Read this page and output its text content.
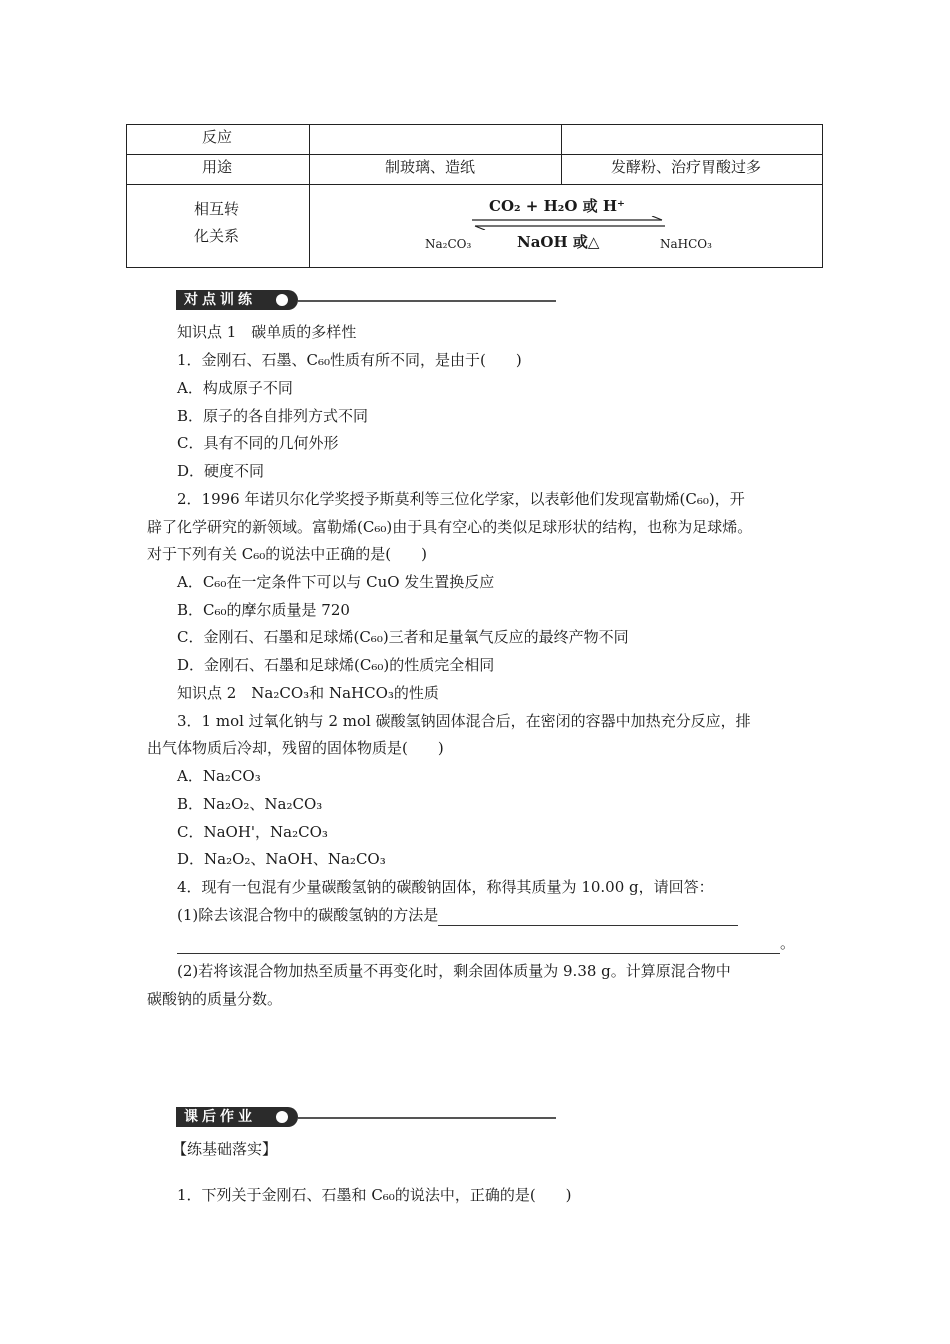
反应
用途	制玻璃、造纸	发酵粉、治疗胃酸过多
相互转
化关系
CO₂ + H₂O 或 H⁺
NaOH 或△
Na₂CO₃	NaHCO₃
对点训练
知识点 1　碳单质的多样性
1．金刚石、石墨、C₆₀性质有所不同，是由于(　　)
A．构成原子不同
B．原子的各自排列方式不同
C．具有不同的几何外形
D．硬度不同
2．1996 年诺贝尔化学奖授予斯莫利等三位化学家，以表彰他们发现富勒烯(C₆₀)，开
辟了化学研究的新领域。富勒烯(C₆₀)由于具有空心的类似足球形状的结构，也称为足球烯。
对于下列有关 C₆₀的说法中正确的是(　　)
A．C₆₀在一定条件下可以与 CuO 发生置换反应
B．C₆₀的摩尔质量是 720
C．金刚石、石墨和足球烯(C₆₀)三者和足量氧气反应的最终产物不同
D．金刚石、石墨和足球烯(C₆₀)的性质完全相同
知识点 2　Na₂CO₃和 NaHCO₃的性质
3．1 mol 过氧化钠与 2 mol 碳酸氢钠固体混合后，在密闭的容器中加热充分反应，排
出气体物质后冷却，残留的固体物质是(　　)
A．Na₂CO₃
B．Na₂O₂、Na₂CO₃
C．NaOH'，Na₂CO₃
D．Na₂O₂、NaOH、Na₂CO₃
4．现有一包混有少量碳酸氢钠的碳酸钠固体，称得其质量为 10.00 g，请回答：
(1)除去该混合物中的碳酸氢钠的方法是
。
(2)若将该混合物加热至质量不再变化时，剩余固体质量为 9.38 g。计算原混合物中
碳酸钠的质量分数。
课后作业
【练基础落实】
1．下列关于金刚石、石墨和 C₆₀的说法中，正确的是(　　)
